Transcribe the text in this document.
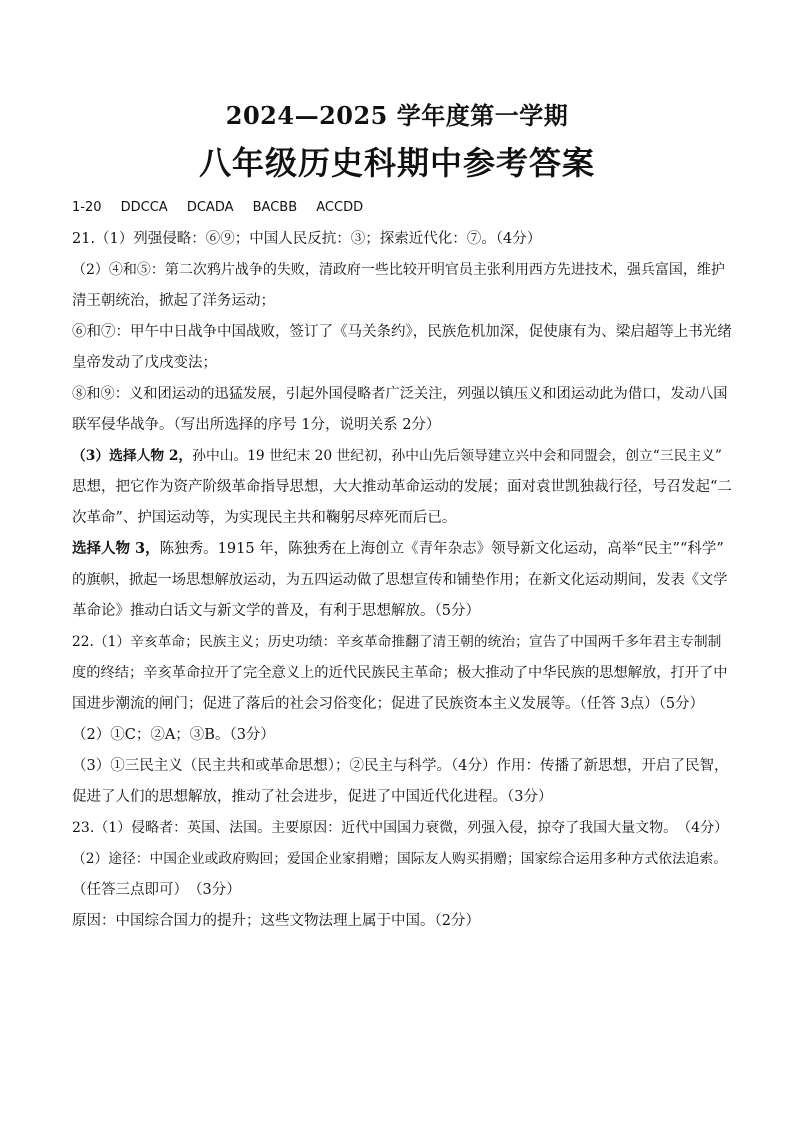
2024—2025 学年度第一学期
八年级历史科期中参考答案
1-20　 DDCCA　 DCADA　 BACBB　 ACCDD
21.（1）列强侵略：⑥⑨；中国人民反抗：③；探索近代化：⑦。（4分）
（2）④和⑤：第二次鸦片战争的失败，清政府一些比较开明官员主张利用西方先进技术，强兵富国，维护
清王朝统治，掀起了洋务运动；
⑥和⑦：甲午中日战争中国战败，签订了《马关条约》，民族危机加深，促使康有为、梁启超等上书光绪
皇帝发动了戊戌变法；
⑧和⑨：义和团运动的迅猛发展，引起外国侵略者广泛关注，列强以镇压义和团运动此为借口，发动八国
联军侵华战争。（写出所选择的序号 1分，说明关系 2分）
（3）选择人物 2，孙中山。19 世纪末 20 世纪初，孙中山先后领导建立兴中会和同盟会，创立“三民主义”
思想，把它作为资产阶级革命指导思想，大大推动革命运动的发展；面对袁世凯独裁行径，号召发起“二
次革命”、护国运动等，为实现民主共和鞠躬尽瘁死而后已。
选择人物 3，陈独秀。1915 年，陈独秀在上海创立《青年杂志》领导新文化运动，高举“民主”“科学”
的旗帜，掀起一场思想解放运动，为五四运动做了思想宣传和铺垫作用；在新文化运动期间，发表《文学
革命论》推动白话文与新文学的普及，有利于思想解放。（5分）
22.（1）辛亥革命；民族主义；历史功绩：辛亥革命推翻了清王朝的统治；宣告了中国两千多年君主专制制
度的终结；辛亥革命拉开了完全意义上的近代民族民主革命；极大推动了中华民族的思想解放，打开了中
国进步潮流的闸门；促进了落后的社会习俗变化；促进了民族资本主义发展等。（任答 3点）（5分）
（2）①C；②A；③B。（3分）
（3）①三民主义（民主共和或革命思想）；②民主与科学。（4分）作用：传播了新思想，开启了民智，
促进了人们的思想解放，推动了社会进步，促进了中国近代化进程。（3分）
23.（1）侵略者：英国、法国。主要原因：近代中国国力衰微，列强入侵，掠夺了我国大量文物。　（4分）
（2）途径：中国企业或政府购回；爱国企业家捐赠；国际友人购买捐赠；国家综合运用多种方式依法追索。
（任答三点即可）　（3分）
原因：中国综合国力的提升；这些文物法理上属于中国。（2分）
